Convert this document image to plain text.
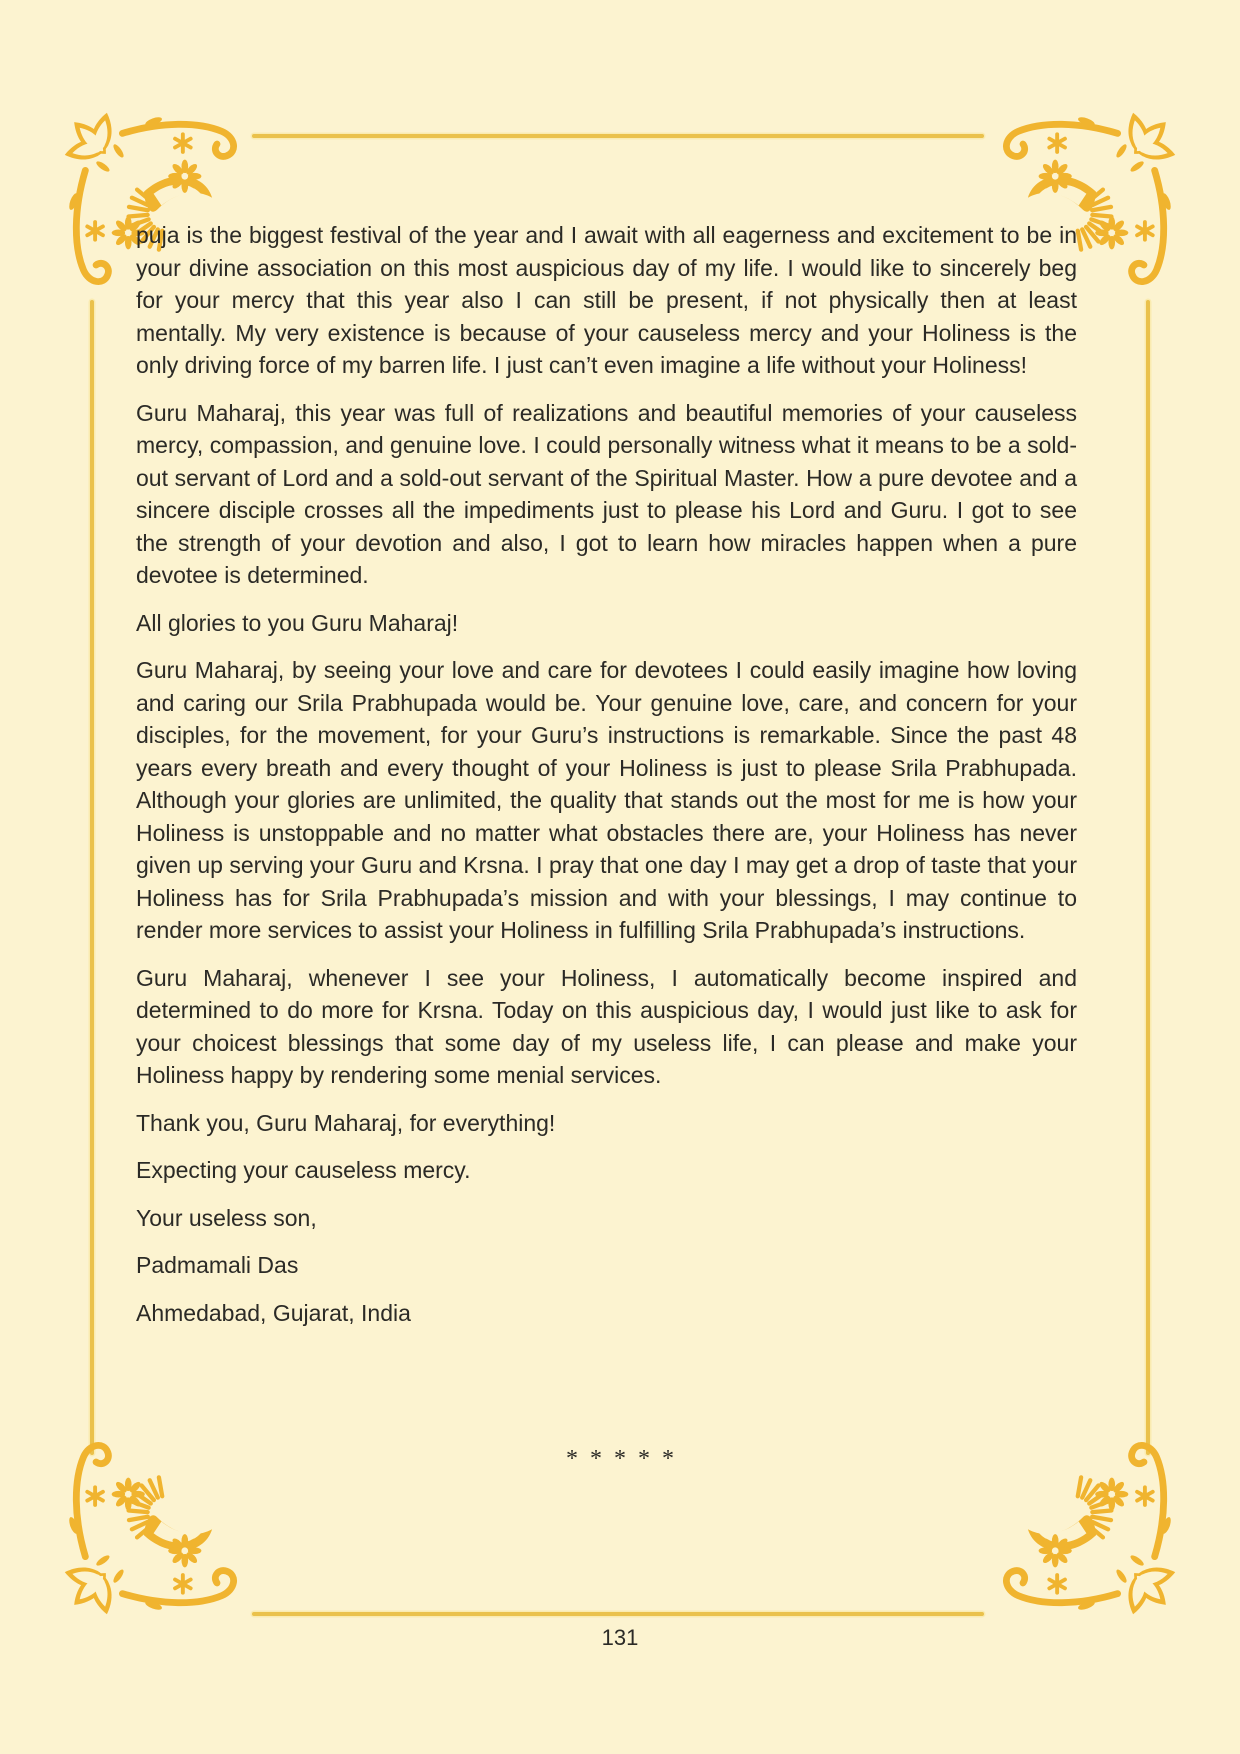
puja is the biggest festival of the year and I await with all eagerness and excitement to be in your divine association on this most auspicious day of my life. I would like to sincerely beg for your mercy that this year also I can still be present, if not physically then at least mentally. My very existence is because of your causeless mercy and your Holiness is the only driving force of my barren life. I just can’t even imagine a life without your Holiness!

Guru Maharaj, this year was full of realizations and beautiful memories of your causeless mercy, compassion, and genuine love. I could personally witness what it means to be a sold-out servant of Lord and a sold-out servant of the Spiritual Master. How a pure devotee and a sincere disciple crosses all the impediments just to please his Lord and Guru. I got to see the strength of your devotion and also, I got to learn how miracles happen when a pure devotee is determined.

All glories to you Guru Maharaj!

Guru Maharaj, by seeing your love and care for devotees I could easily imagine how loving and caring our Srila Prabhupada would be. Your genuine love, care, and concern for your disciples, for the movement, for your Guru’s instructions is remarkable. Since the past 48 years every breath and every thought of your Holiness is just to please Srila Prabhupada. Although your glories are unlimited, the quality that stands out the most for me is how your Holiness is unstoppable and no matter what obstacles there are, your Holiness has never given up serving your Guru and Krsna. I pray that one day I may get a drop of taste that your Holiness has for Srila Prabhupada’s mission and with your blessings, I may continue to render more services to assist your Holiness in fulfilling Srila Prabhupada’s instructions.

Guru Maharaj, whenever I see your Holiness, I automatically become inspired and determined to do more for Krsna. Today on this auspicious day, I would just like to ask for your choicest blessings that some day of my useless life, I can please and make your Holiness happy by rendering some menial services.

Thank you, Guru Maharaj, for everything!

Expecting your causeless mercy.

Your useless son,

Padmamali Das

Ahmedabad, Gujarat, India

* * * * *
131
